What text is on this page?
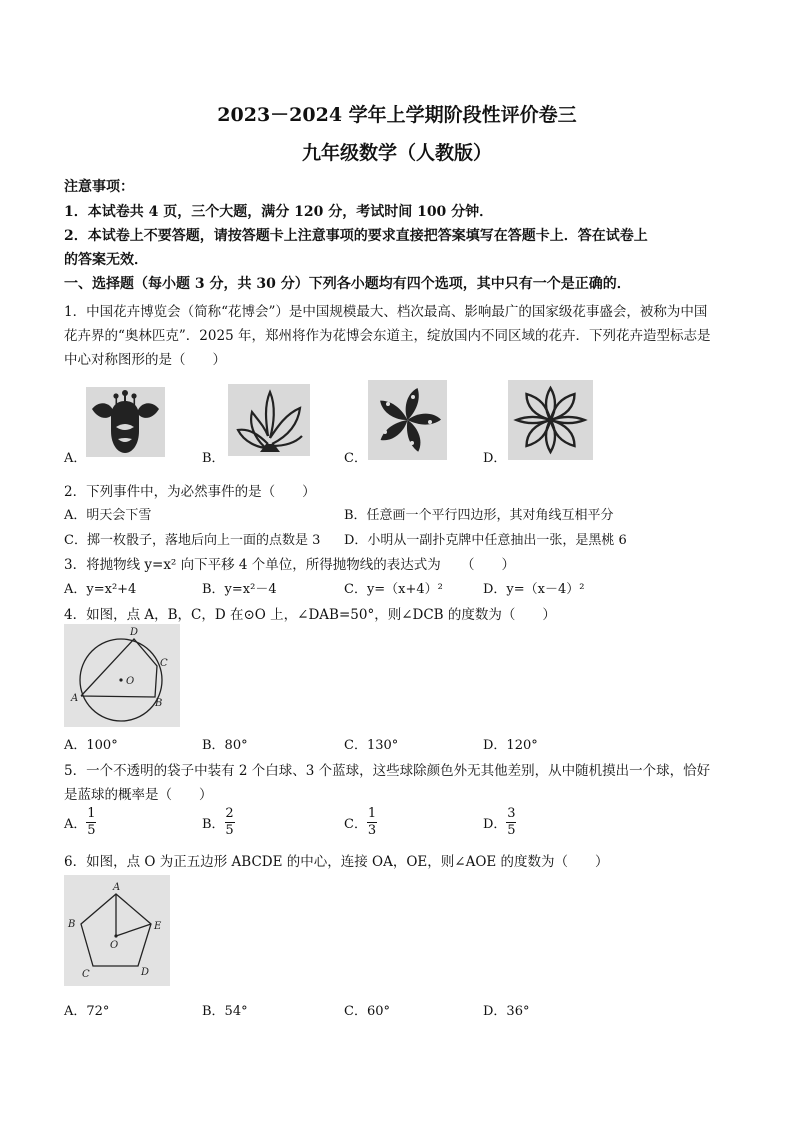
2023－2024 学年上学期阶段性评价卷三
九年级数学（人教版）
注意事项：
1．本试卷共 4 页，三个大题，满分 120 分，考试时间 100 分钟．
2．本试卷上不要答题，请按答题卡上注意事项的要求直接把答案填写在答题卡上．答在试卷上
的答案无效．
一、选择题（每小题 3 分，共 30 分）下列各小题均有四个选项，其中只有一个是正确的．
1．中国花卉博览会（简称“花博会”）是中国规模最大、档次最高、影响最广的国家级花事盛会，被称为中国
花卉界的“奥林匹克”．2025 年，郑州将作为花博会东道主，绽放国内不同区域的花卉．下列花卉造型标志是
中心对称图形的是（　　）
A．	B．	C．	D．
2．下列事件中，为必然事件的是（　　）
A．明天会下雪	B．任意画一个平行四边形，其对角线互相平分
C．掷一枚骰子，落地后向上一面的点数是 3 D．小明从一副扑克牌中任意抽出一张，是黑桃 6
3．将抛物线 y=x² 向下平移 4 个单位，所得抛物线的表达式为　　（　　）
A．y=x²+4	B．y=x²－4	C．y=（x+4）²	D．y=（x－4）²
4．如图，点 A，B，C，D 在⊙O 上，∠DAB=50°，则∠DCB 的度数为（　　）
O
A	B
C
D
A．100°	B．80°	C．130°	D．120°
5．一个不透明的袋子中装有 2 个白球、3 个蓝球，这些球除颜色外无其他差别，从中随机摸出一个球，恰好
是蓝球的概率是（　　）
A． $\frac{1}{5}$	B． $\frac{2}{5}$	C． $\frac{1}{3}$	D． $\frac{3}{5}$
6．如图，点 O 为正五边形 ABCDE 的中心，连接 OA，OE，则∠AOE 的度数为（　　）
A
B
C	D
E
O
A．72°	B．54°	C．60°	D．36°
